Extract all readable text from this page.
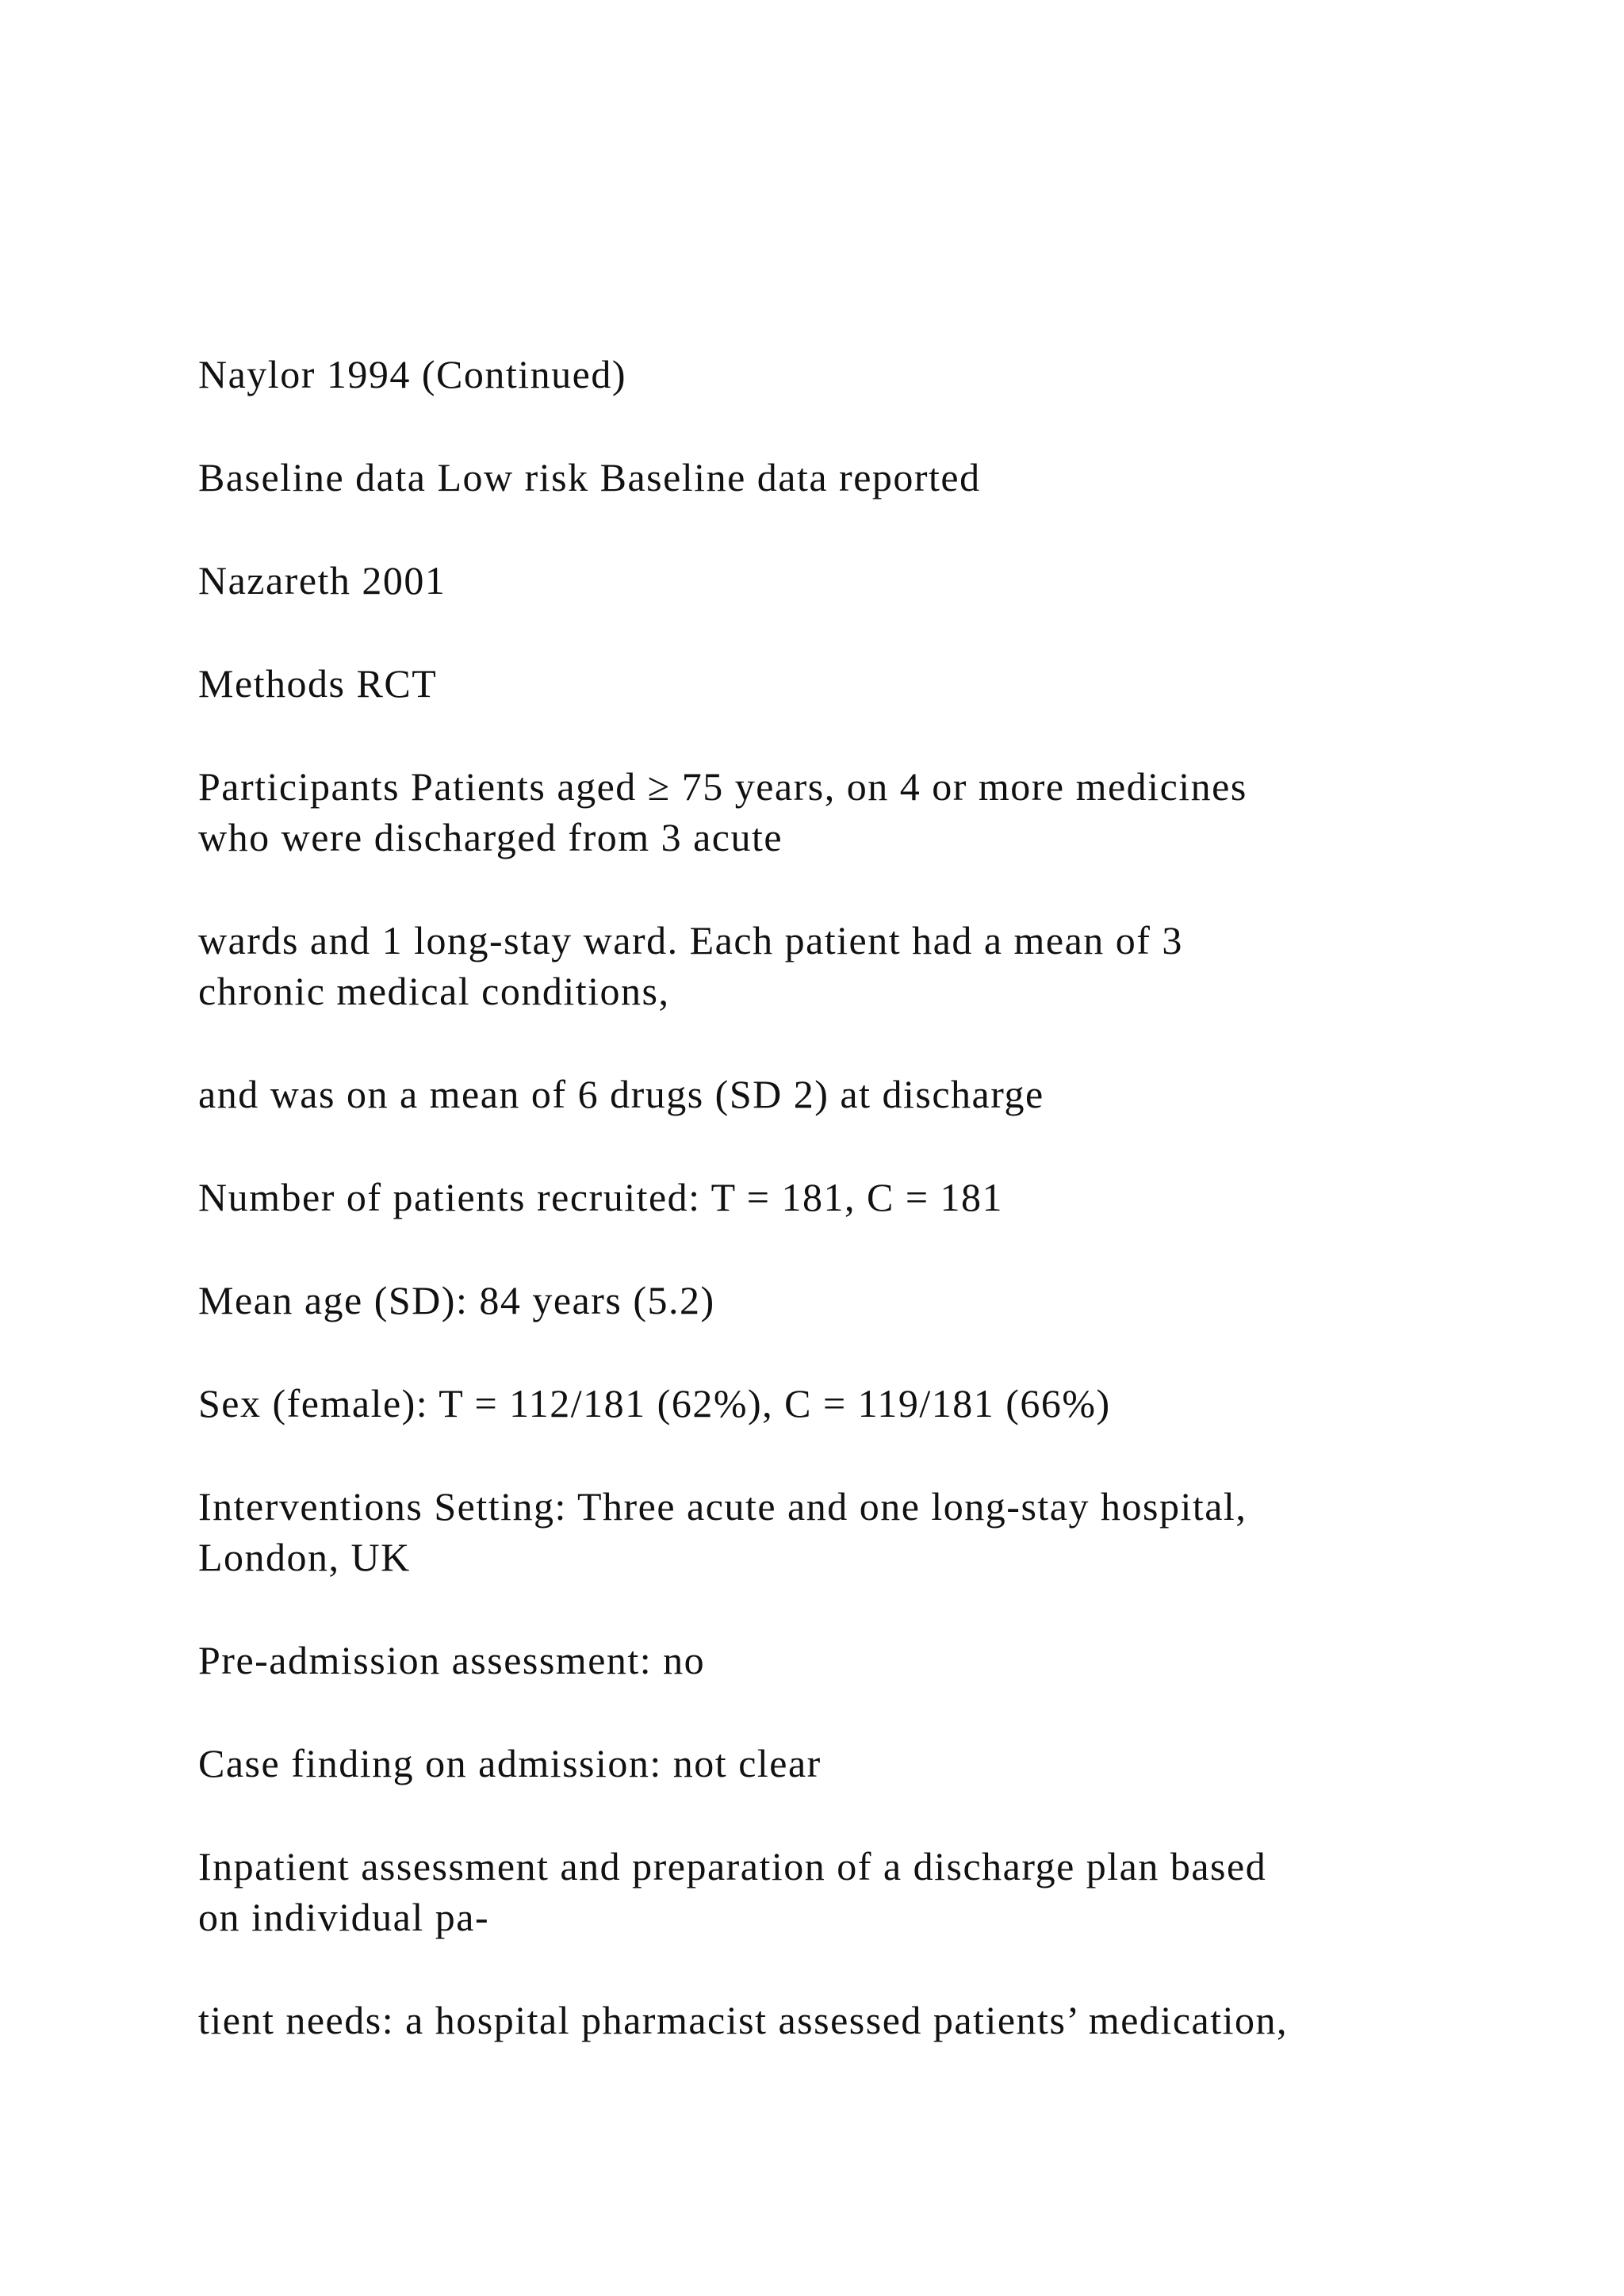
Naylor 1994 (Continued)

Baseline data Low risk Baseline data reported

Nazareth 2001

Methods RCT

Participants Patients aged ≥ 75 years, on 4 or more medicines
who were discharged from 3 acute

wards and 1 long-stay ward. Each patient had a mean of 3
chronic medical conditions,

and was on a mean of 6 drugs (SD 2) at discharge

Number of patients recruited: T = 181, C = 181

Mean age (SD): 84 years (5.2)

Sex (female): T = 112/181 (62%), C = 119/181 (66%)

Interventions Setting: Three acute and one long-stay hospital,
London, UK

Pre-admission assessment: no

Case finding on admission: not clear

Inpatient assessment and preparation of a discharge plan based
on individual pa-

tient needs: a hospital pharmacist assessed patients’ medication,
